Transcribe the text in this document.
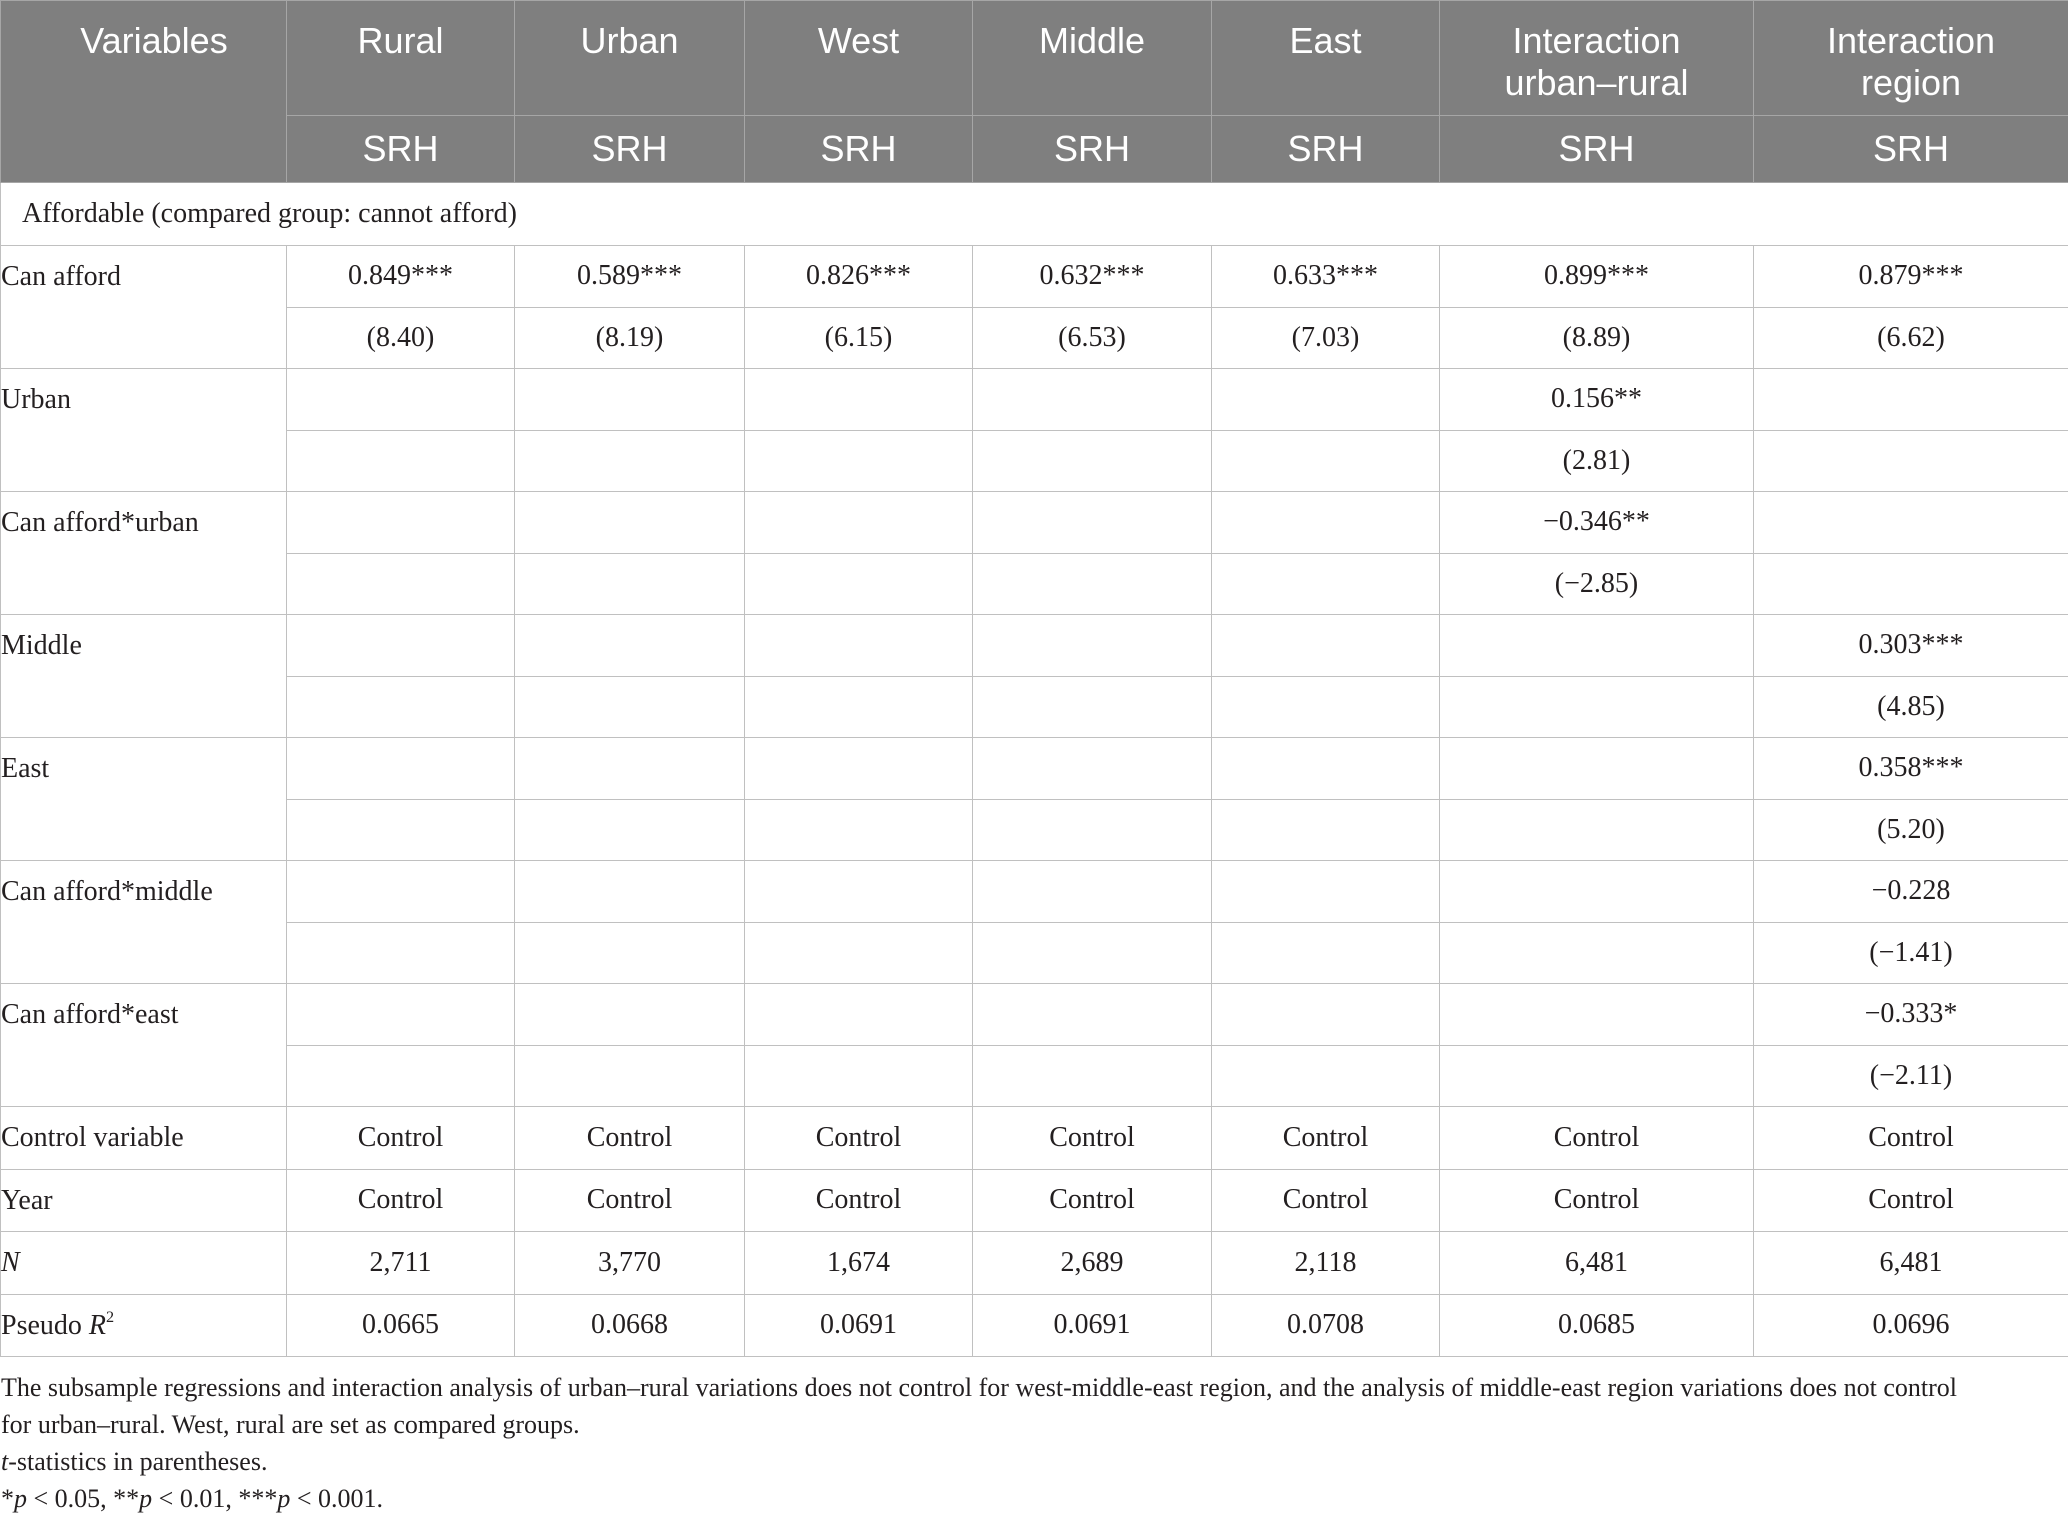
Variables	Rural	Urban	West	Middle	East	Interaction urban–rural	Interaction region
	SRH	SRH	SRH	SRH	SRH	SRH	SRH
Affordable (compared group: cannot afford)							
Can afford	0.849***	0.589***	0.826***	0.632***	0.633***	0.899***	0.879***
	(8.40)	(8.19)	(6.15)	(6.53)	(7.03)	(8.89)	(6.62)
Urban						0.156**	
						(2.81)	
Can afford*urban						−0.346**	
						(−2.85)	
Middle							0.303***
							(4.85)
East							0.358***
							(5.20)
Can afford*middle							−0.228
							(−1.41)
Can afford*east							−0.333*
							(−2.11)
Control variable	Control	Control	Control	Control	Control	Control	Control
Year	Control	Control	Control	Control	Control	Control	Control
N	2,711	3,770	1,674	2,689	2,118	6,481	6,481
Pseudo $R^2$	0.0665	0.0668	0.0691	0.0691	0.0708	0.0685	0.0696

The subsample regressions and interaction analysis of urban–rural variations does not control for west-middle-east region, and the analysis of middle-east region variations does not control for urban–rural. West, rural are set as compared groups.

t-statistics in parentheses.

*p < 0.05, **p < 0.01, ***p < 0.001.
